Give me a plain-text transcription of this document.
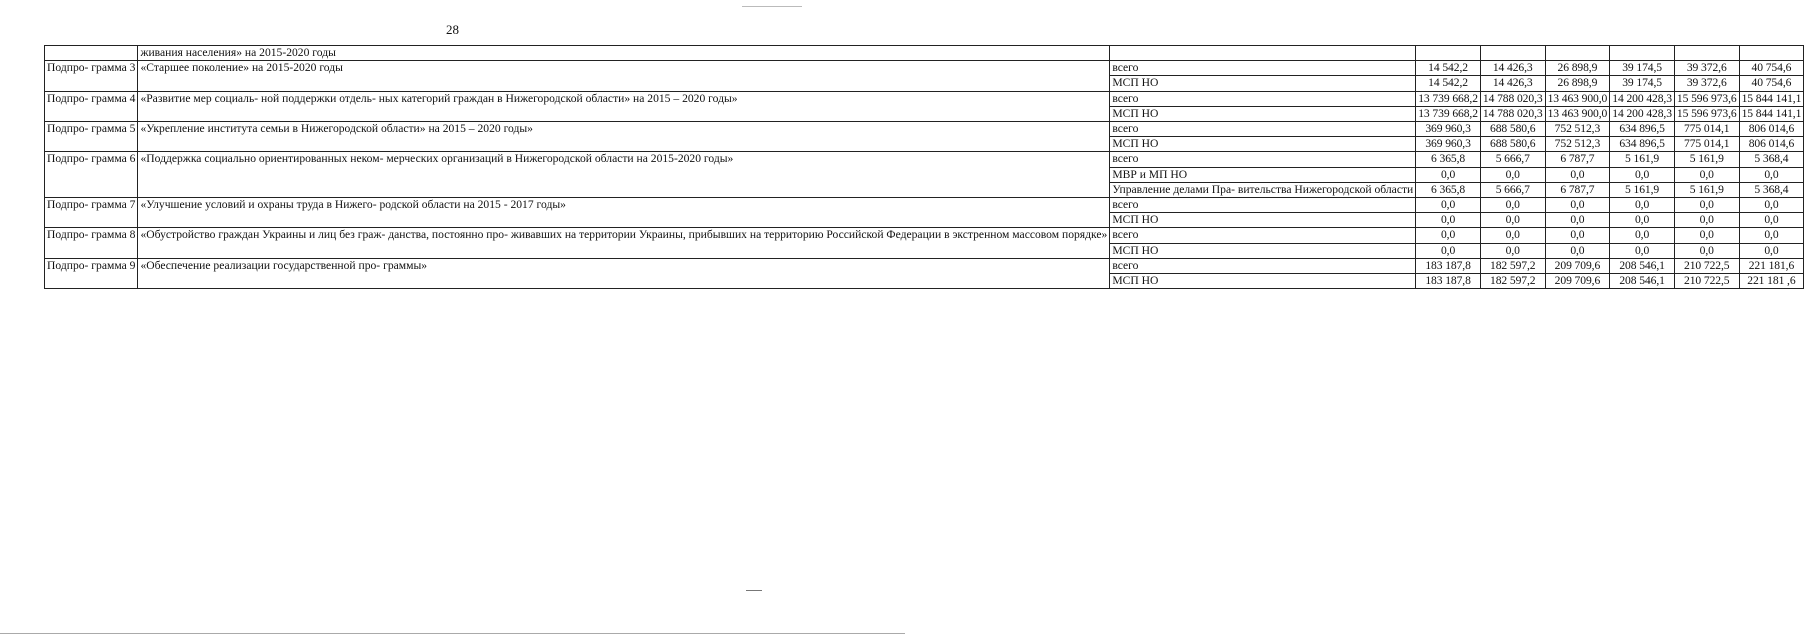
28
	живания населения» на 2015-2020 годы							
Подпро- грамма 3	«Старшее поколение» на 2015-2020 годы	всего	14 542,2	14 426,3	26 898,9	39 174,5	39 372,6	40 754,6
		МСП НО	14 542,2	14 426,3	26 898,9	39 174,5	39 372,6	40 754,6
Подпро- грамма 4	«Развитие мер социаль- ной поддержки отдель- ных категорий граждан в Нижегородской области» на 2015 – 2020 годы»	всего	13 739 668,2	14 788 020,3	13 463 900,0	14 200 428,3	15 596 973,6	15 844 141,1
		МСП НО	13 739 668,2	14 788 020,3	13 463 900,0	14 200 428,3	15 596 973,6	15 844 141,1
Подпро- грамма 5	«Укрепление института семьи в Нижегородской области» на 2015 – 2020 годы»	всего	369 960,3	688 580,6	752 512,3	634 896,5	775 014,1	806 014,6
		МСП НО	369 960,3	688 580,6	752 512,3	634 896,5	775 014,1	806 014,6
Подпро- грамма 6	«Поддержка социально ориентированных неком- мерческих организаций в Нижегородской области на 2015-2020 годы»	всего	6 365,8	5 666,7	6 787,7	5 161,9	5 161,9	5 368,4
		МВР и МП НО	0,0	0,0	0,0	0,0	0,0	0,0
		Управление делами Пра- вительства Нижегородской области	6 365,8	5 666,7	6 787,7	5 161,9	5 161,9	5 368,4
Подпро- грамма 7	«Улучшение условий и охраны труда в Нижего- родской области на 2015 - 2017 годы»	всего	0,0	0,0	0,0	0,0	0,0	0,0
		МСП НО	0,0	0,0	0,0	0,0	0,0	0,0
Подпро- грамма 8	«Обустройство граждан Украины и лиц без граж- данства, постоянно про- живавших на территории Украины, прибывших на территорию Российской Федерации в экстренном массовом порядке»	всего	0,0	0,0	0,0	0,0	0,0	0,0
		МСП НО	0,0	0,0	0,0	0,0	0,0	0,0
Подпро- грамма 9	«Обеспечение реализации государственной про- граммы»	всего	183 187,8	182 597,2	209 709,6	208 546,1	210 722,5	221 181,6
		МСП НО	183 187,8	182 597,2	209 709,6	208 546,1	210 722,5	221 181 ,6
